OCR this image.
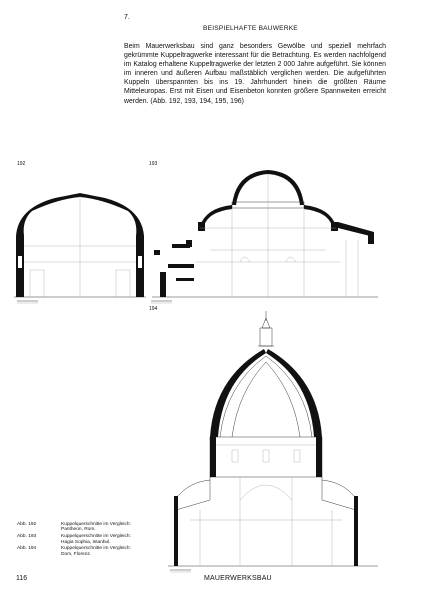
7.
BEISPIELHAFTE BAUWERKE
Beim Mauerwerksbau sind ganz besonders Gewölbe und speziell mehrfach gekrümmte Kuppeltragwerke interessant für die Betrachtung. Es werden nachfolgend im Katalog erhaltene Kuppeltragwerke der letzten 2 000 Jahre aufgeführt. Sie können im inneren und äußeren Aufbau maßstäblich verglichen werden. Die aufgeführten Kuppeln überspannten bis ins 19. Jahrhundert hinein die größten Räume Mitteleuropas. Erst mit Eisen und Eisenbeton konnten größere Spannweiten erreicht werden. (Abb. 192, 193, 194, 195, 196)
192	193
194
Abb. 192	Kuppelquerschnitte im Vergleich:
Pantheon, Rom.
Abb. 193	Kuppelquerschnitte im Vergleich:
Hagia Sophia, Istanbul.
Abb. 194	Kuppelquerschnitte im Vergleich:
Dom, Florenz.
116	MAUERWERKSBAU
